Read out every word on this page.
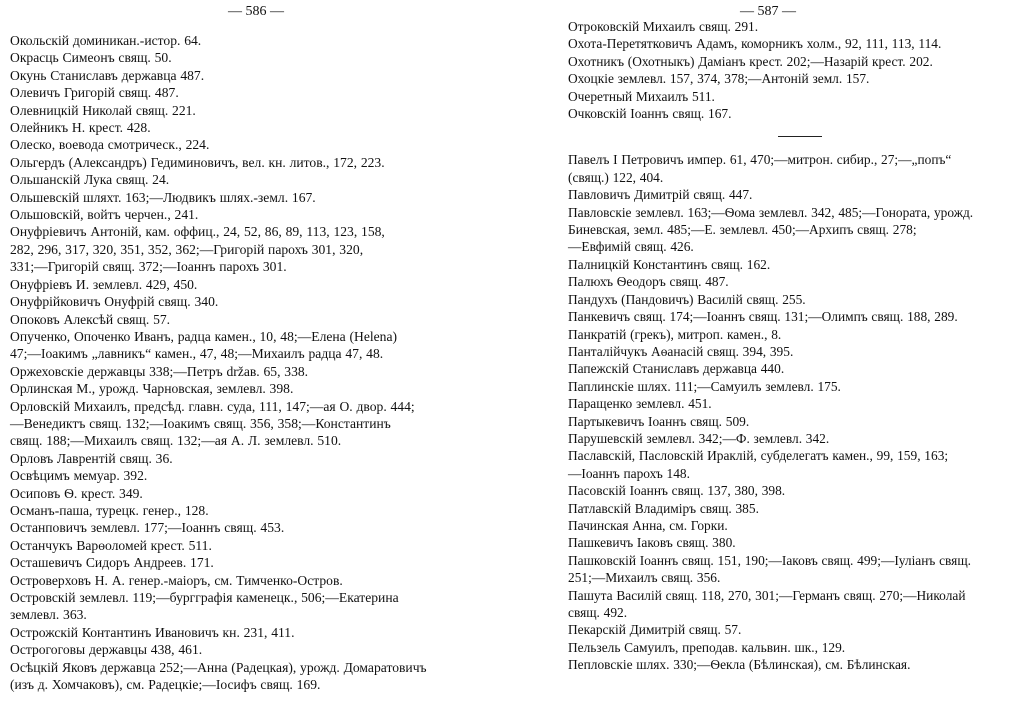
— 586 —
Окольскій доминикан.-истор. 64.
Окрасць Симеонъ свящ. 50.
Окунь Станиславъ державца 487.
Олевичъ Григорій свящ. 487.
Олевницкій Николай свящ. 221.
Олейникъ Н. крест. 428.
Олеско, воевода смотрическ., 224.
Ольгердъ (Александръ) Гедиминовичъ, вел. кн. литов., 172, 223.
Ольшанскій Лука свящ. 24.
Ольшевскій шляхт. 163;—Людвикъ шлях.-земл. 167.
Ольшовскій, войтъ черчен., 241.
Онуфріевичъ Антоній, кам. оффиц., 24, 52, 86, 89, 113, 123, 158,
282, 296, 317, 320, 351, 352, 362;—Григорій парохъ 301, 320,
331;—Григорій свящ. 372;—Іоаннъ парохъ 301.
Онуфріевъ И. землевл. 429, 450.
Онуфрійковичъ Онуфрій свящ. 340.
Опоковъ Алексѣй свящ. 57.
Опученко, Опоченко Иванъ, радца камен., 10, 48;—Елена (Helena)
47;—Іоакимъ „лавникъ“ камен., 47, 48;—Михаилъ радца 47, 48.
Оржеховскіе державцы 338;—Петръ držав. 65, 338.
Орлинская М., урожд. Чарновская, землевл. 398.
Орловскій Михаилъ, предсѣд. главн. суда, 111, 147;—ая О. двор. 444;
—Венедиктъ свящ. 132;—Іоакимъ свящ. 356, 358;—Константинъ
свящ. 188;—Михаилъ свящ. 132;—ая А. Л. землевл. 510.
Орловъ Лаврентій свящ. 36.
Освѣцимъ мемуар. 392.
Осиповъ Ѳ. крест. 349.
Османъ-паша, турецк. генер., 128.
Останповичъ землевл. 177;—Іоаннъ свящ. 453.
Останчукъ Варѳоломей крест. 511.
Осташевичъ Сидоръ Андреев. 171.
Островерховъ Н. А. генер.-маіоръ, см. Тимченко-Остров.
Островскій землевл. 119;—бургграфія каменецк., 506;—Екатерина
землевл. 363.
Острожскій Контантинъ Ивановичъ кн. 231, 411.
Острогоговы державцы 438, 461.
Осѣцкій Яковъ державца 252;—Анна (Радецкая), урожд. Домаратовичъ
(изъ д. Хомчаковъ), см. Радецкіе;—Іосифъ свящ. 169.
— 587 —
Отроковскій Михаилъ свящ. 291.
Охота-Перетятковичъ Адамъ, коморникъ холм., 92, 111, 113, 114.
Охотникъ (Охотныкъ) Даміанъ крест. 202;—Назарій крест. 202.
Охоцкіе землевл. 157, 374, 378;—Антоній земл. 157.
Очеретный Михаилъ 511.
Очковскій Іоаннъ свящ. 167.
Павелъ I Петровичъ импер. 61, 470;—митрон. сибир., 27;—„попъ“
(свящ.) 122, 404.
Павловичъ Димитрій свящ. 447.
Павловскіе землевл. 163;—Ѳома землевл. 342, 485;—Гонората, урожд.
Биневская, земл. 485;—Е. землевл. 450;—Архипъ свящ. 278;
—Евфимій свящ. 426.
Палницкій Константинъ свящ. 162.
Палюхъ Ѳеодоръ свящ. 487.
Пандухъ (Пандовичъ) Василій свящ. 255.
Панкевичъ свящ. 174;—Іоаннъ свящ. 131;—Олимпъ свящ. 188, 289.
Панкратій (грекъ), митроп. камен., 8.
Панталійчукъ Аѳанасій свящ. 394, 395.
Папежскій Станиславъ державца 440.
Паплинскіе шлях. 111;—Самуилъ землевл. 175.
Паращенко землевл. 451.
Партыкевичъ Іоаннъ свящ. 509.
Парушевскій землевл. 342;—Ф. землевл. 342.
Паславскій, Пасловскій Ираклій, субделегатъ камен., 99, 159, 163;
—Іоаннъ парохъ 148.
Пасовскій Іоаннъ свящ. 137, 380, 398.
Патлавскій Владиміръ свящ. 385.
Пачинская Анна, см. Горки.
Пашкевичъ Іаковъ свящ. 380.
Пашковскій Іоаннъ свящ. 151, 190;—Іаковъ свящ. 499;—Іуліанъ свящ.
251;—Михаилъ свящ. 356.
Пашута Василій свящ. 118, 270, 301;—Германъ свящ. 270;—Николай
свящ. 492.
Пекарскій Димитрій свящ. 57.
Пельзель Самуилъ, преподав. кальвин. шк., 129.
Пепловскіе шлях. 330;—Ѳекла (Бѣлинская), см. Бѣлинская.
